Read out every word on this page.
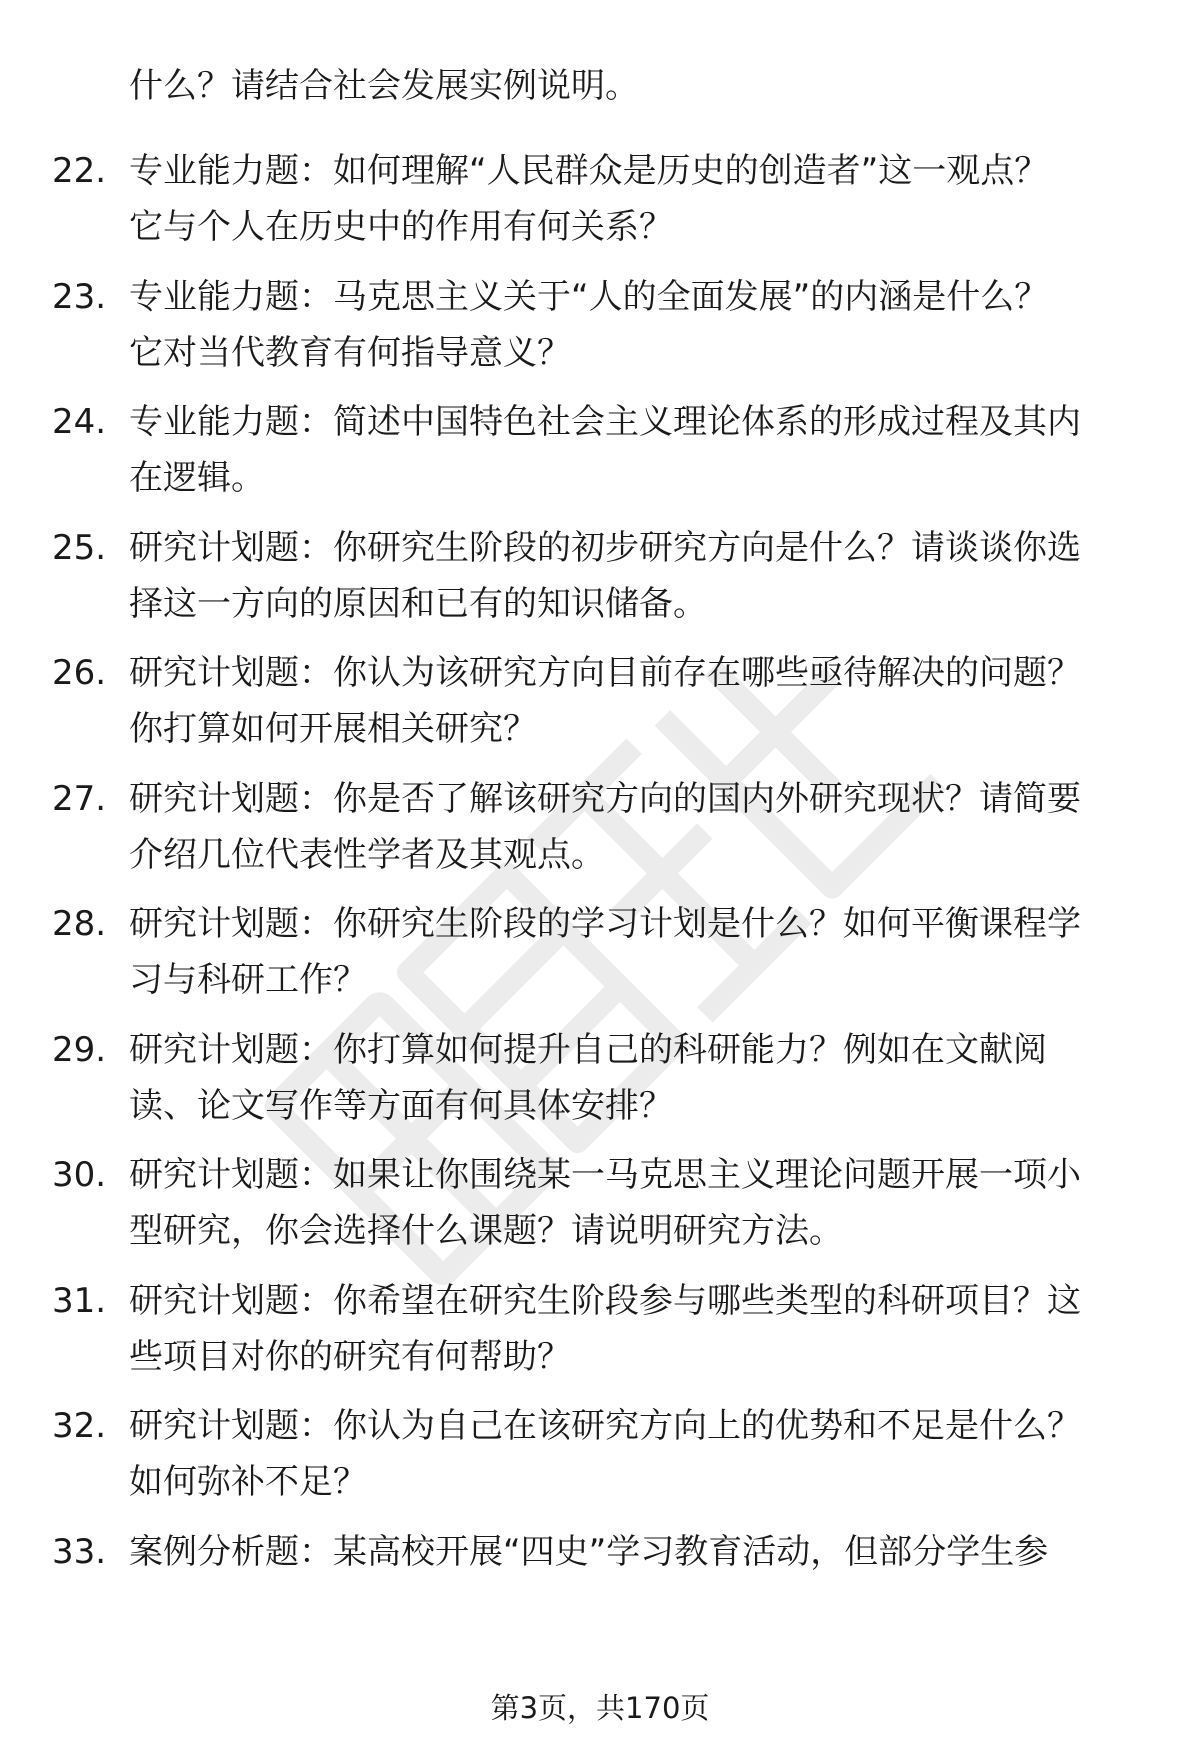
什么？请结合社会发展实例说明。
22. 专业能力题：如何理解“人民群众是历史的创造者”这一观点？
它与个人在历史中的作用有何关系？
23. 专业能力题：马克思主义关于“人的全面发展”的内涵是什么？
它对当代教育有何指导意义？
24. 专业能力题：简述中国特色社会主义理论体系的形成过程及其内
在逻辑。
25. 研究计划题：你研究生阶段的初步研究方向是什么？请谈谈你选
择这一方向的原因和已有的知识储备。
26. 研究计划题：你认为该研究方向目前存在哪些亟待解决的问题？
你打算如何开展相关研究？
27. 研究计划题：你是否了解该研究方向的国内外研究现状？请简要
介绍几位代表性学者及其观点。
28. 研究计划题：你研究生阶段的学习计划是什么？如何平衡课程学
习与科研工作？
29. 研究计划题：你打算如何提升自己的科研能力？例如在文献阅
读、论文写作等方面有何具体安排？
30. 研究计划题：如果让你围绕某一马克思主义理论问题开展一项小
型研究，你会选择什么课题？请说明研究方法。
31. 研究计划题：你希望在研究生阶段参与哪些类型的科研项目？这
些项目对你的研究有何帮助？
32. 研究计划题：你认为自己在该研究方向上的优势和不足是什么？
如何弥补不足？
33. 案例分析题：某高校开展“四史”学习教育活动，但部分学生参
第3页，共170页
